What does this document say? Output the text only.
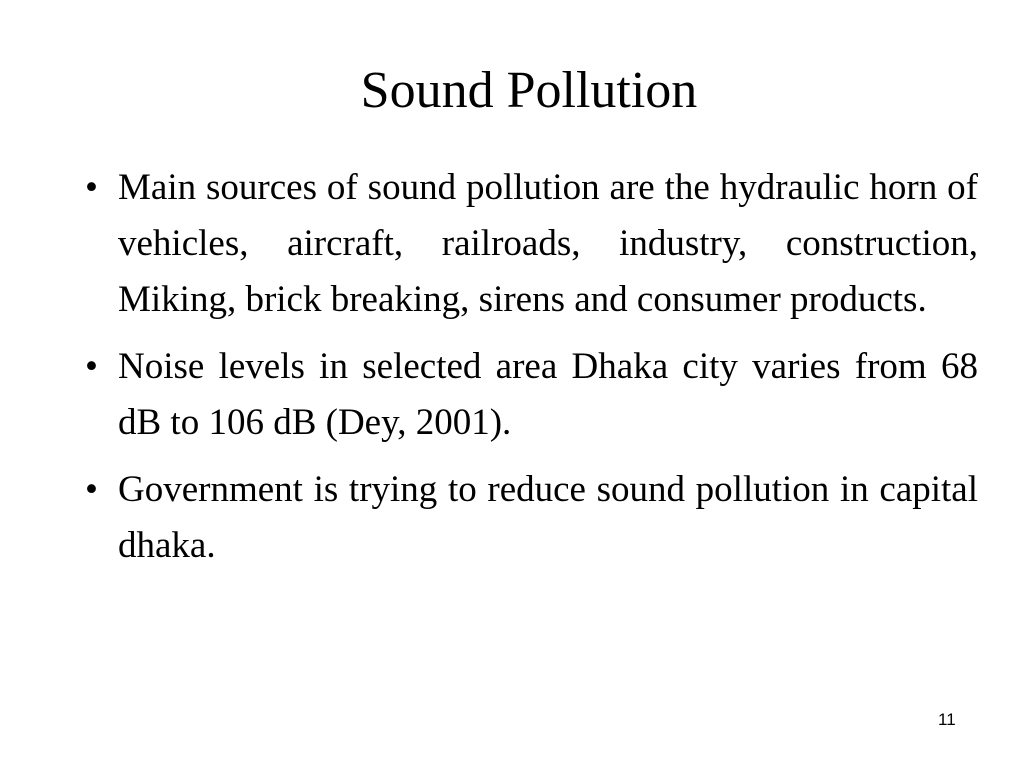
Sound Pollution
• Main sources of sound pollution are the hydraulic horn of vehicles, aircraft, railroads, industry, construction, Miking, brick breaking, sirens and consumer products.
• Noise levels in selected area Dhaka city varies from 68 dB to 106 dB (Dey, 2001).
• Government is trying to reduce sound pollution in capital dhaka.
11
